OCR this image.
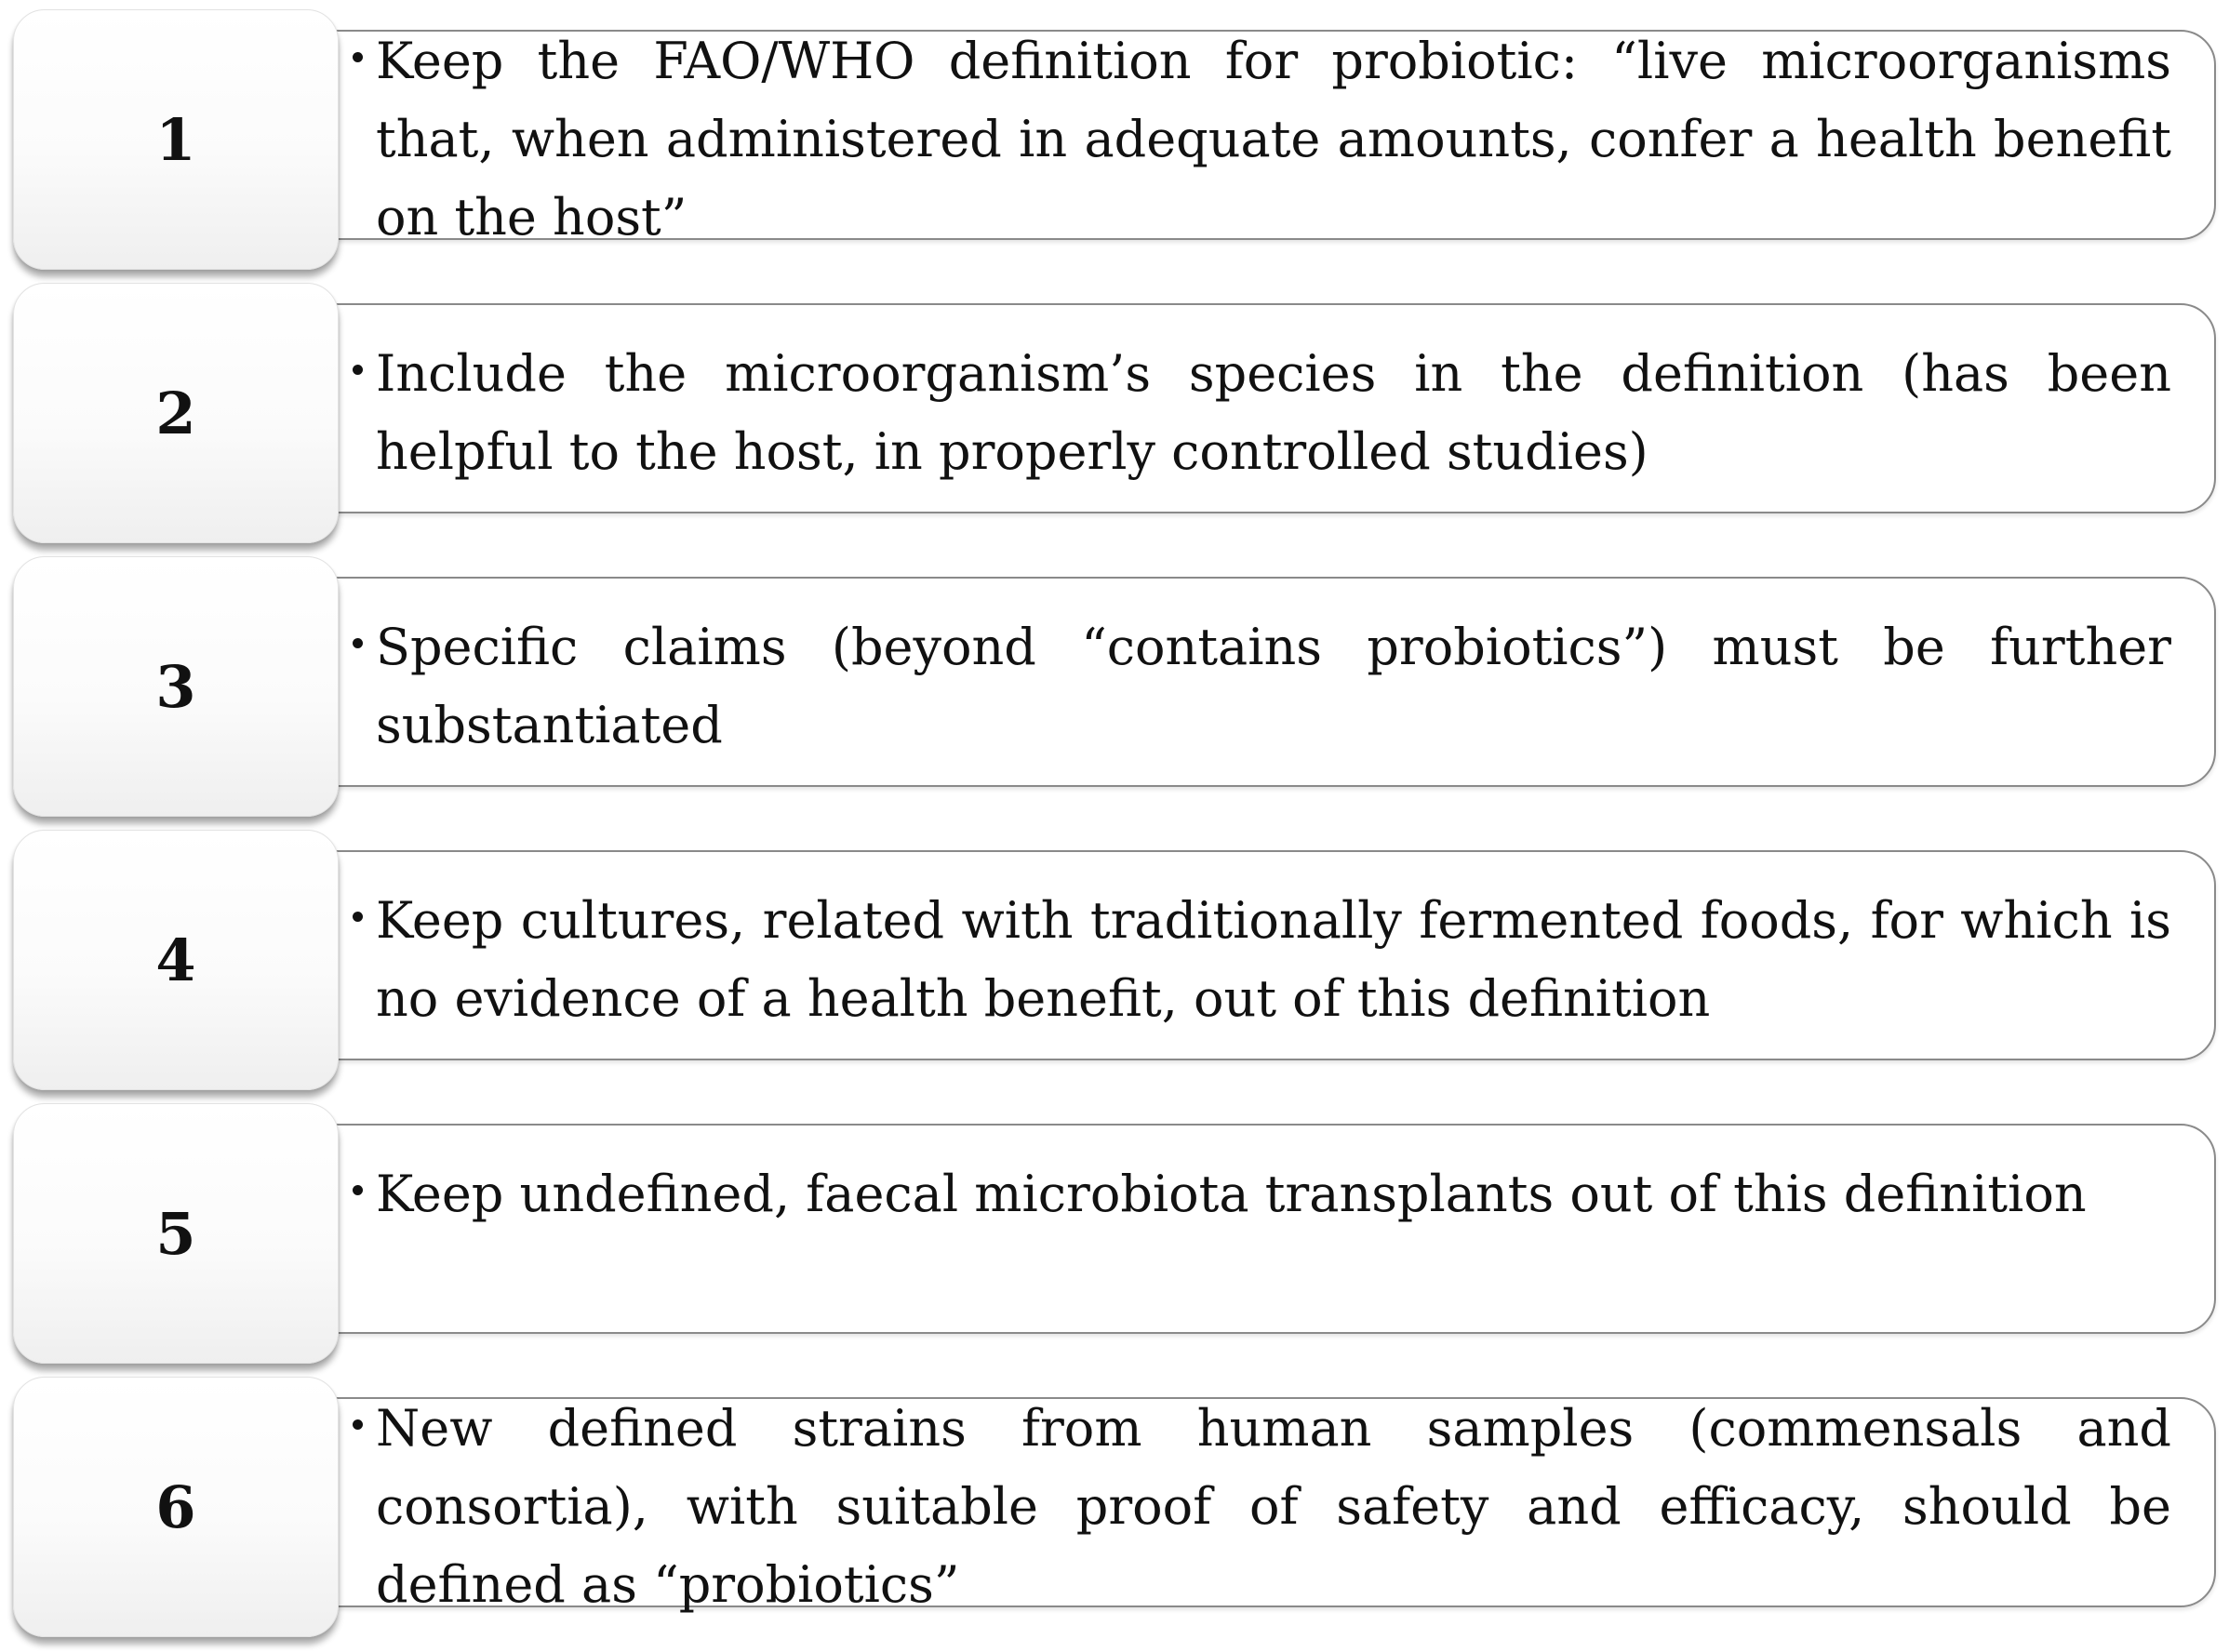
1

Keep the FAO/WHO definition for probiotic: “live microorganisms that, when administered in adequate amounts, confer a health benefit on the host”

2

Include the microorganism’s species in the definition (has been helpful to the host, in properly controlled studies)

3

Specific claims (beyond “contains probiotics”) must be further substantiated

4

Keep cultures, related with traditionally fermented foods, for which is no evidence of a health benefit, out of this definition

5

Keep undefined, faecal microbiota transplants out of this definition

6

New defined strains from human samples (commensals and consortia), with suitable proof of safety and efficacy, should be defined as “probiotics”
